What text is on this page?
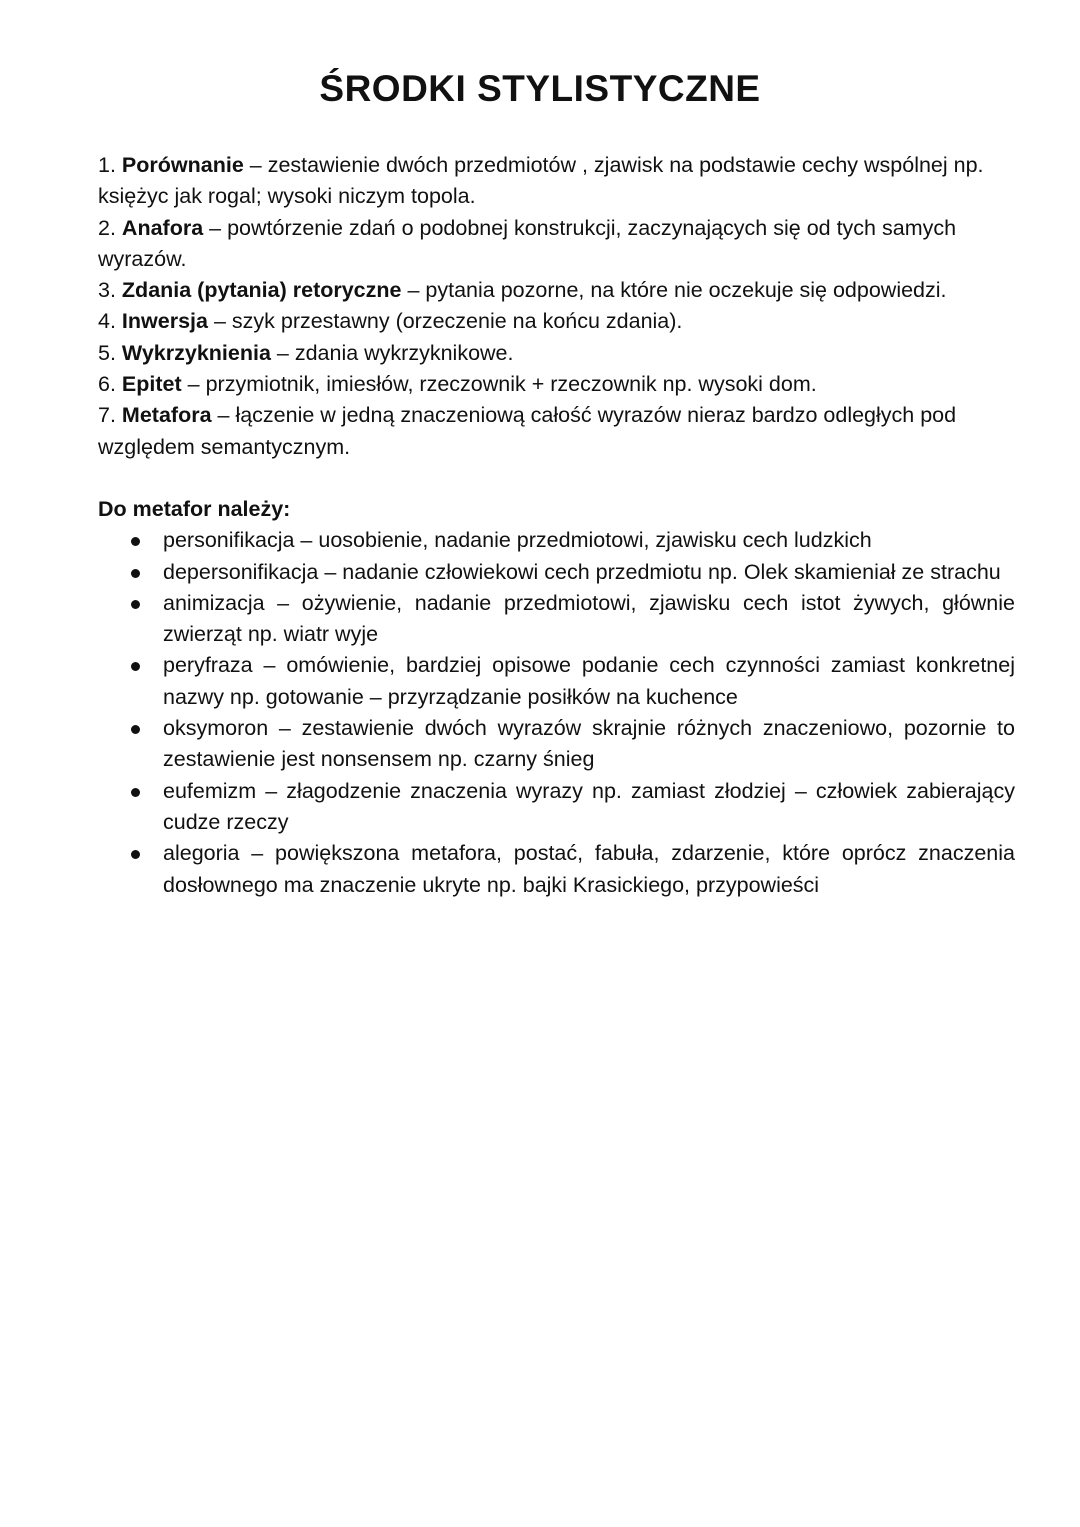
ŚRODKI STYLISTYCZNE
1. Porównanie – zestawienie dwóch przedmiotów , zjawisk na podstawie cechy wspólnej np. księżyc jak rogal; wysoki niczym topola.
2. Anafora – powtórzenie zdań o podobnej konstrukcji, zaczynających się od tych samych wyrazów.
3. Zdania (pytania) retoryczne – pytania pozorne, na które nie oczekuje się odpowiedzi.
4. Inwersja – szyk przestawny (orzeczenie na końcu zdania).
5. Wykrzyknienia – zdania wykrzyknikowe.
6. Epitet – przymiotnik, imiesłów, rzeczownik + rzeczownik np. wysoki dom.
7. Metafora – łączenie w jedną znaczeniową całość wyrazów nieraz bardzo odległych pod względem semantycznym.

Do metafor należy:

personifikacja – uosobienie, nadanie przedmiotowi, zjawisku cech ludzkich
depersonifikacja – nadanie człowiekowi cech przedmiotu np. Olek skamieniał ze strachu
animizacja – ożywienie, nadanie przedmiotowi, zjawisku cech istot żywych, głównie zwierząt np. wiatr wyje
peryfraza – omówienie, bardziej opisowe podanie cech czynności zamiast konkretnej nazwy np. gotowanie – przyrządzanie posiłków na kuchence
oksymoron – zestawienie dwóch wyrazów skrajnie różnych znaczeniowo, pozornie to zestawienie jest nonsensem np. czarny śnieg
eufemizm – złagodzenie znaczenia wyrazy np. zamiast złodziej – człowiek zabierający cudze rzeczy
alegoria – powiększona metafora, postać, fabuła, zdarzenie, które oprócz znaczenia dosłownego ma znaczenie ukryte np. bajki Krasickiego, przypowieści
